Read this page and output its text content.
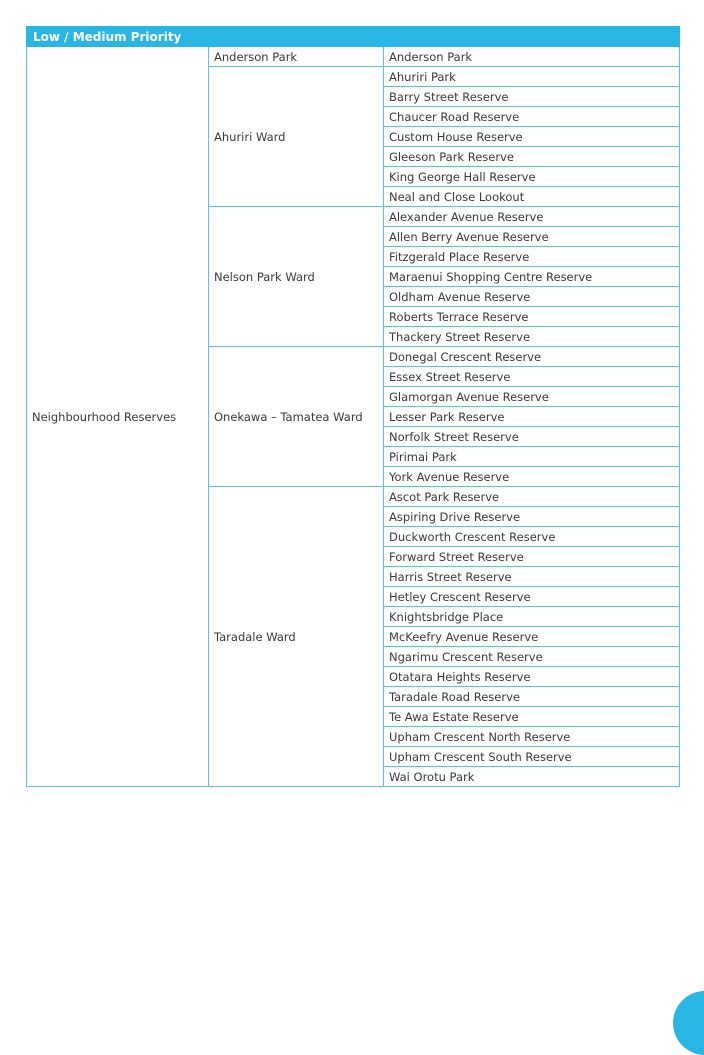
Low / Medium Priority		
Neighbourhood Reserves	Anderson Park	Anderson Park
	Ahuriri Ward	Ahuriri Park
		Barry Street Reserve
		Chaucer Road Reserve
		Custom House Reserve
		Gleeson Park Reserve
		King George Hall Reserve
		Neal and Close Lookout
	Nelson Park Ward	Alexander Avenue Reserve
		Allen Berry Avenue Reserve
		Fitzgerald Place Reserve
		Maraenui Shopping Centre Reserve
		Oldham Avenue Reserve
		Roberts Terrace Reserve
		Thackery Street Reserve
	Onekawa – Tamatea Ward	Donegal Crescent Reserve
		Essex Street Reserve
		Glamorgan Avenue Reserve
		Lesser Park Reserve
		Norfolk Street Reserve
		Pirimai Park
		York Avenue Reserve
	Taradale Ward	Ascot Park Reserve
		Aspiring Drive Reserve
		Duckworth Crescent Reserve
		Forward Street Reserve
		Harris Street Reserve
		Hetley Crescent Reserve
		Knightsbridge Place
		McKeefry Avenue Reserve
		Ngarimu Crescent Reserve
		Otatara Heights Reserve
		Taradale Road Reserve
		Te Awa Estate Reserve
		Upham Crescent North Reserve
		Upham Crescent South Reserve
		Wai Orotu Park
